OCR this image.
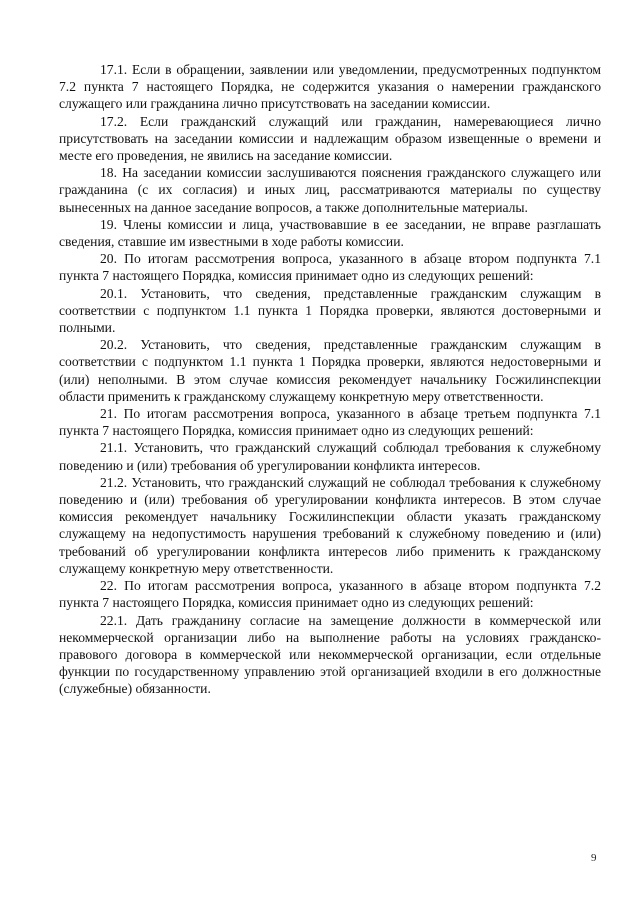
17.1. Если в обращении, заявлении или уведомлении, предусмотренных подпунктом 7.2 пункта 7 настоящего Порядка, не содержится указания о намерении гражданского служащего или гражданина лично присутствовать на заседании комиссии.

17.2. Если гражданский служащий или гражданин, намеревающиеся лично присутствовать на заседании комиссии и надлежащим образом извещенные о времени и месте его проведения, не явились на заседание комиссии.

18. На заседании комиссии заслушиваются пояснения гражданского служащего или гражданина (с их согласия) и иных лиц, рассматриваются материалы по существу вынесенных на данное заседание вопросов, а также дополнительные материалы.

19. Члены комиссии и лица, участвовавшие в ее заседании, не вправе разглашать сведения, ставшие им известными в ходе работы комиссии.

20. По итогам рассмотрения вопроса, указанного в абзаце втором подпункта 7.1 пункта 7 настоящего Порядка, комиссия принимает одно из следующих решений:

20.1. Установить, что сведения, представленные гражданским служащим в соответствии с подпунктом 1.1 пункта 1 Порядка проверки, являются достоверными и полными.

20.2. Установить, что сведения, представленные гражданским служащим в соответствии с подпунктом 1.1 пункта 1 Порядка проверки, являются недостоверными и (или) неполными. В этом случае комиссия рекомендует начальнику Госжилинспекции области применить к гражданскому служащему конкретную меру ответственности.

21. По итогам рассмотрения вопроса, указанного в абзаце третьем подпункта 7.1 пункта 7 настоящего Порядка, комиссия принимает одно из следующих решений:

21.1. Установить, что гражданский служащий соблюдал требования к служебному поведению и (или) требования об урегулировании конфликта интересов.

21.2. Установить, что гражданский служащий не соблюдал требования к служебному поведению и (или) требования об урегулировании конфликта интересов. В этом случае комиссия рекомендует начальнику Госжилинспекции области указать гражданскому служащему на недопустимость нарушения требований к служебному поведению и (или) требований об урегулировании конфликта интересов либо применить к гражданскому служащему конкретную меру ответственности.

22. По итогам рассмотрения вопроса, указанного в абзаце втором подпункта 7.2 пункта 7 настоящего Порядка, комиссия принимает одно из следующих решений:

22.1. Дать гражданину согласие на замещение должности в коммерческой или некоммерческой организации либо на выполнение работы на условиях гражданско-правового договора в коммерческой или некоммерческой организации, если отдельные функции по государственному управлению этой организацией входили в его должностные (служебные) обязанности.

9
